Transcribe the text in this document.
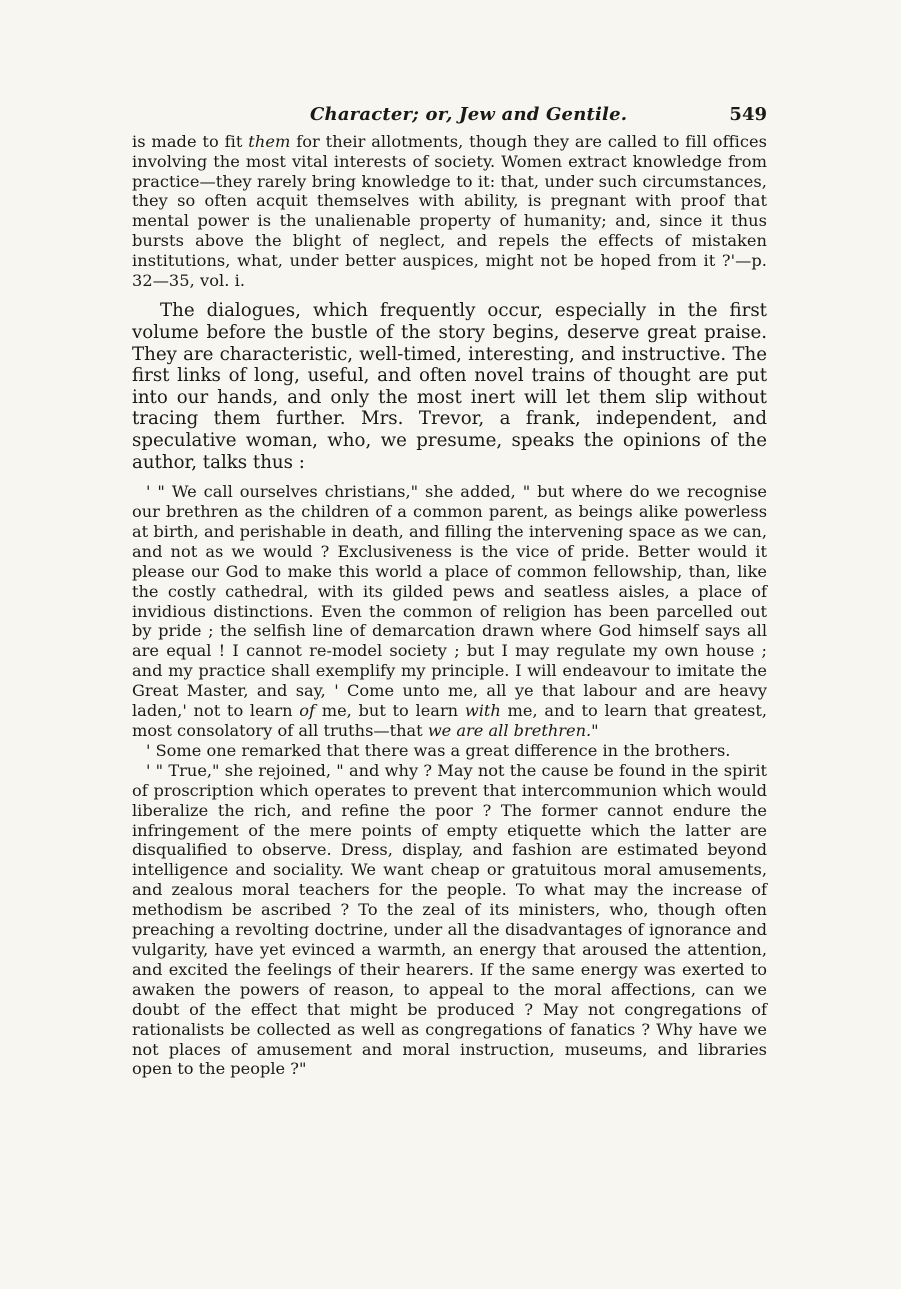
Character; or, Jew and Gentile.	549

is made to fit them for their allotments, though they are called to fill offices involving the most vital interests of society. Women extract knowledge from practice—they rarely bring knowledge to it: that, under such circumstances, they so often acquit themselves with ability, is pregnant with proof that mental power is the unalienable property of humanity; and, since it thus bursts above the blight of neglect, and repels the effects of mistaken institutions, what, under better auspices, might not be hoped from it ?'—p. 32—35, vol. i.

The dialogues, which frequently occur, especially in the first volume before the bustle of the story begins, deserve great praise. They are characteristic, well-timed, interesting, and instructive. The first links of long, useful, and often novel trains of thought are put into our hands, and only the most inert will let them slip without tracing them further. Mrs. Trevor, a frank, independent, and speculative woman, who, we presume, speaks the opinions of the author, talks thus :

' " We call ourselves christians," she added, " but where do we recognise our brethren as the children of a common parent, as beings alike powerless at birth, and perishable in death, and filling the intervening space as we can, and not as we would ? Exclusiveness is the vice of pride. Better would it please our God to make this world a place of common fellowship, than, like the costly cathedral, with its gilded pews and seatless aisles, a place of invidious distinctions. Even the common of religion has been parcelled out by pride ; the selfish line of demarcation drawn where God himself says all are equal ! I cannot re-model society ; but I may regulate my own house ; and my practice shall exemplify my principle. I will endeavour to imitate the Great Master, and say, ' Come unto me, all ye that labour and are heavy laden,' not to learn of me, but to learn with me, and to learn that greatest, most consolatory of all truths—that we are all brethren."

' Some one remarked that there was a great difference in the brothers.

' " True," she rejoined, " and why ? May not the cause be found in the spirit of proscription which operates to prevent that intercommunion which would liberalize the rich, and refine the poor ? The former cannot endure the infringement of the mere points of empty etiquette which the latter are disqualified to observe. Dress, display, and fashion are estimated beyond intelligence and sociality. We want cheap or gratuitous moral amusements, and zealous moral teachers for the people. To what may the increase of methodism be ascribed ? To the zeal of its ministers, who, though often preaching a revolting doctrine, under all the disadvantages of ignorance and vulgarity, have yet evinced a warmth, an energy that aroused the attention, and excited the feelings of their hearers. If the same energy was exerted to awaken the powers of reason, to appeal to the moral affections, can we doubt of the effect that might be produced ? May not congregations of rationalists be collected as well as congregations of fanatics ? Why have we not places of amusement and moral instruction, museums, and libraries open to the people ?"
